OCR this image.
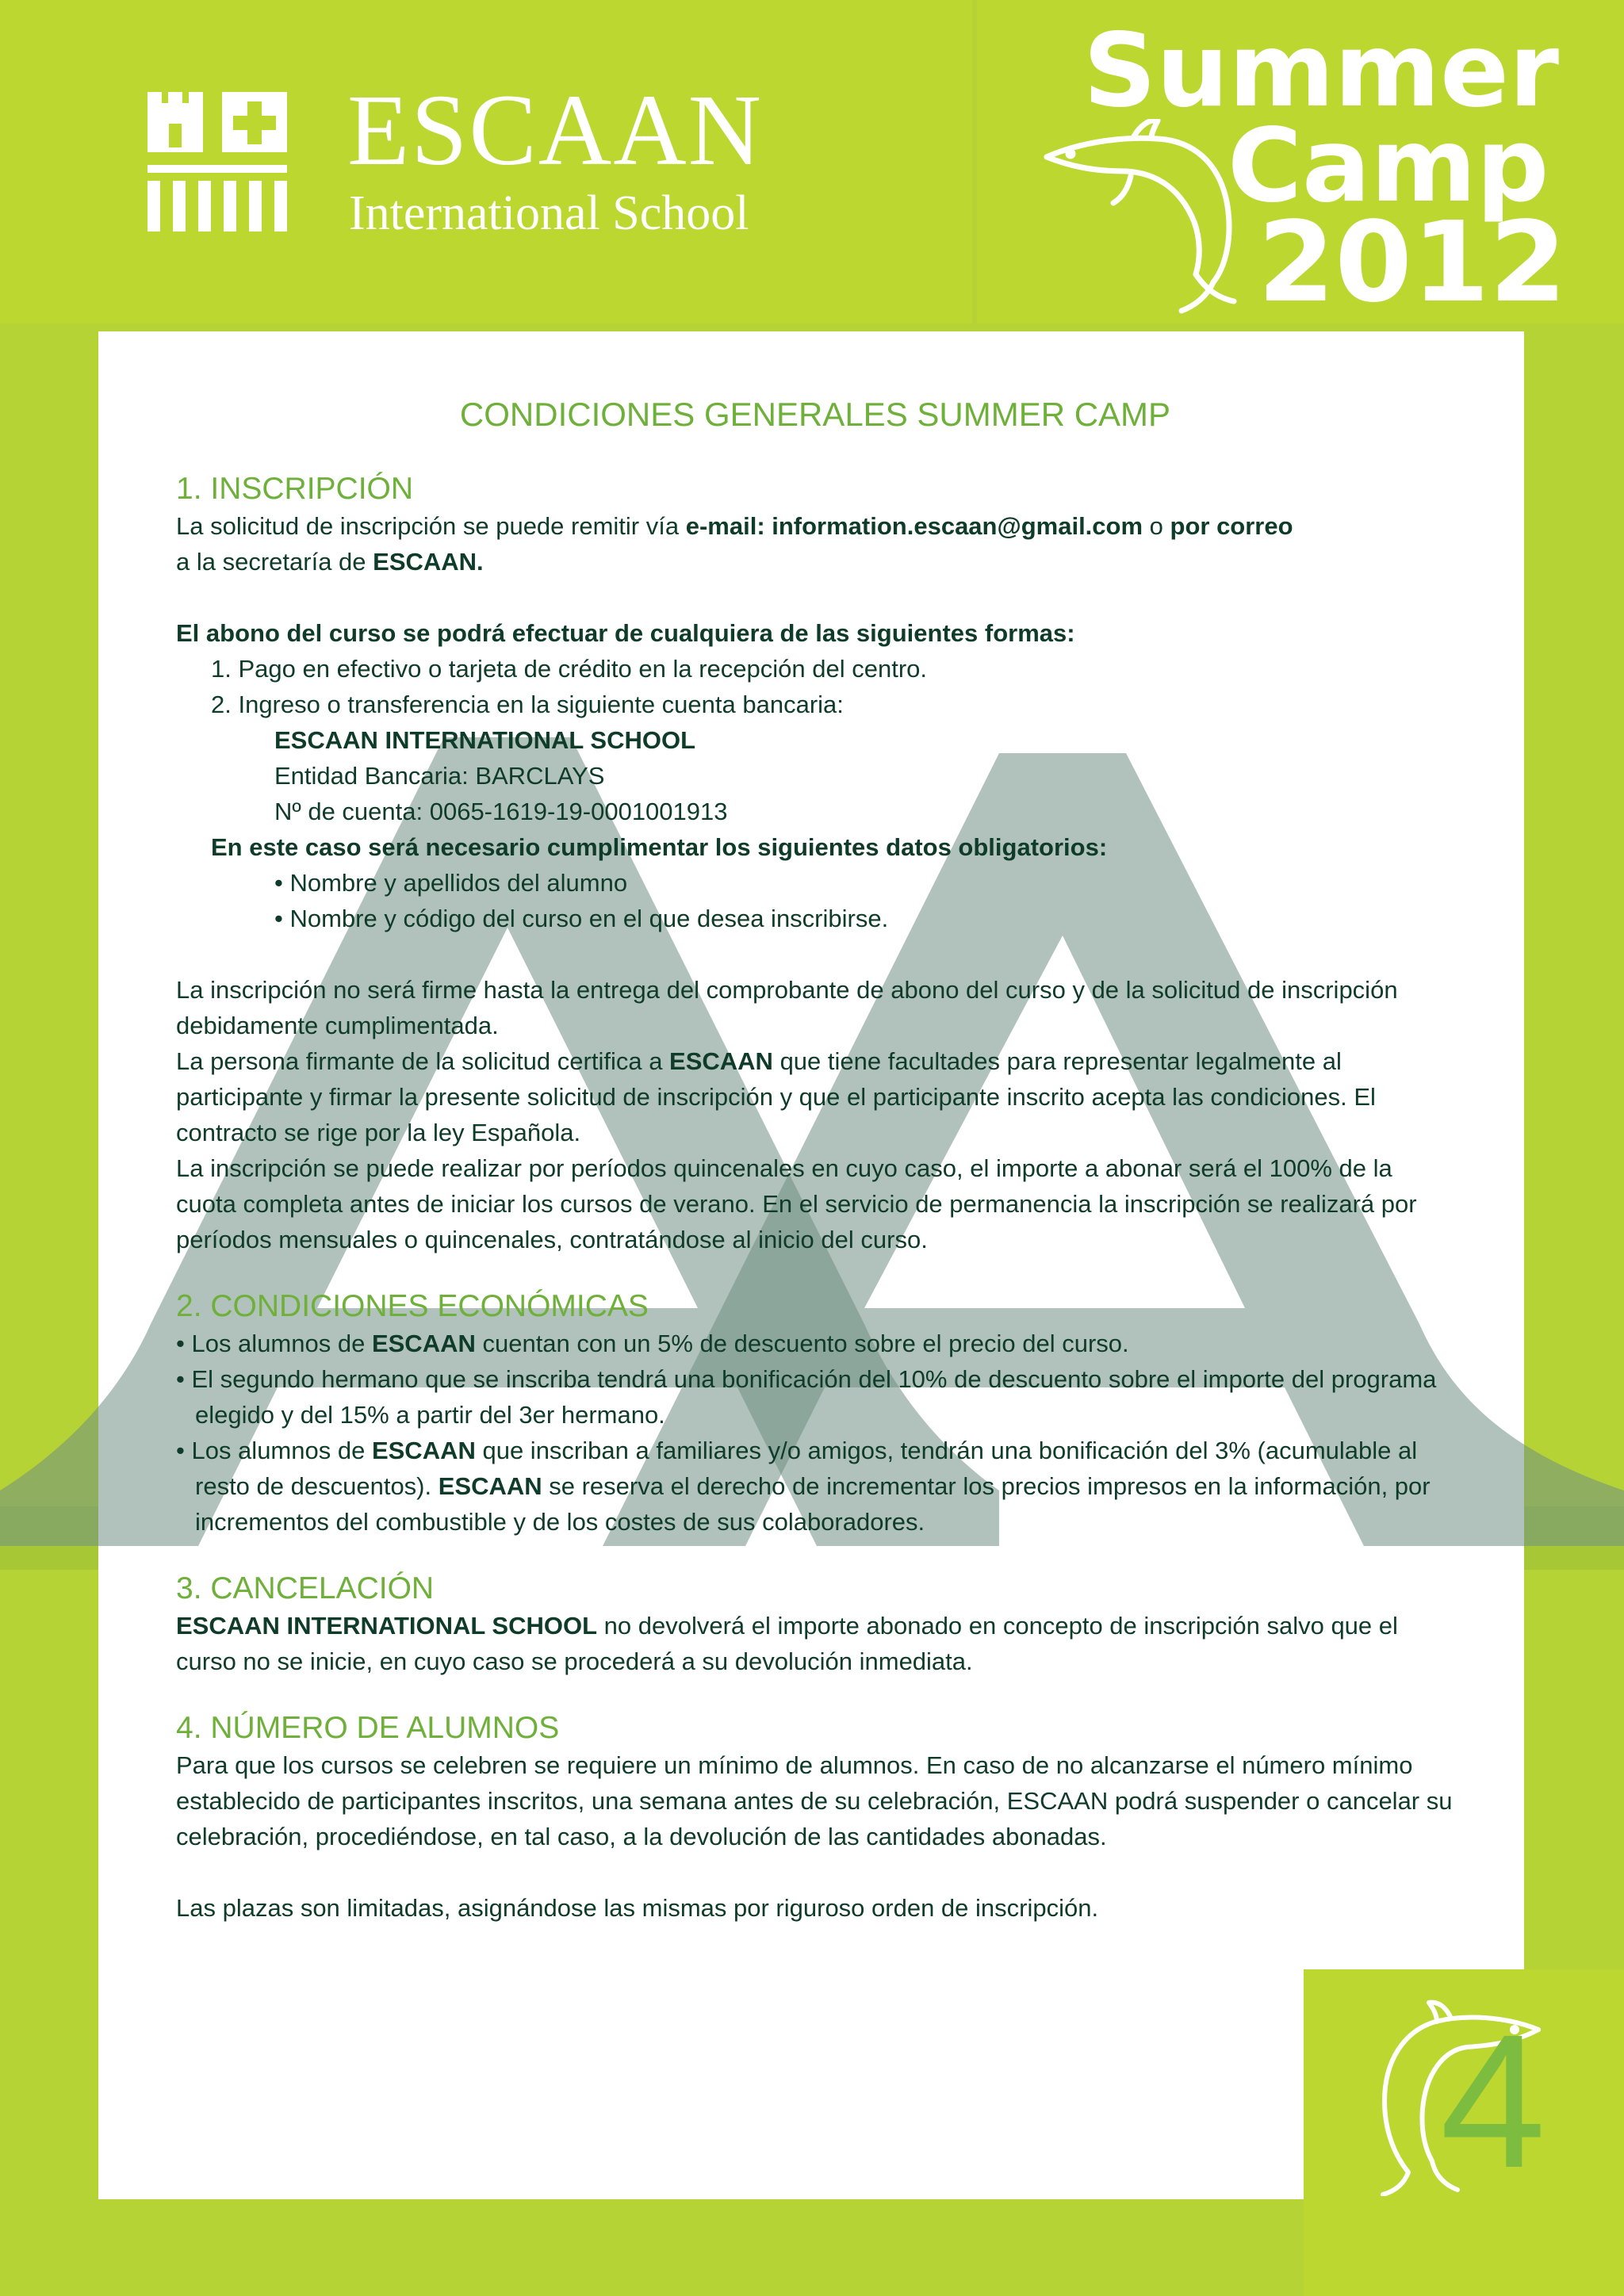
ESCAAN
International School
Summer
Camp
2012
CONDICIONES GENERALES SUMMER CAMP
1. INSCRIPCIÓN

La solicitud de inscripción se puede remitir vía e-mail: information.escaan@gmail.com o por correo

a la secretaría de ESCAAN.

El abono del curso se podrá efectuar de cualquiera de las siguientes formas:

1. Pago en efectivo o tarjeta de crédito en la recepción del centro.

2. Ingreso o transferencia en la siguiente cuenta bancaria:

ESCAAN INTERNATIONAL SCHOOL

Entidad Bancaria: BARCLAYS

Nº de cuenta: 0065-1619-19-0001001913

En este caso será necesario cumplimentar los siguientes datos obligatorios:

• Nombre y apellidos del alumno

• Nombre y código del curso en el que desea inscribirse.

La inscripción no será firme hasta la entrega del comprobante de abono del curso y de la solicitud de inscripción debidamente cumplimentada.

La persona firmante de la solicitud certifica a ESCAAN que tiene facultades para representar legalmente al participante y firmar la presente solicitud de inscripción y que el participante inscrito acepta las condiciones. El contracto se rige por la ley Española.

La inscripción se puede realizar por períodos quincenales en cuyo caso, el importe a abonar será el 100% de la cuota completa antes de iniciar los cursos de verano. En el servicio de permanencia la inscripción se realizará por períodos mensuales o quincenales, contratándose al inicio del curso.

2. CONDICIONES ECONÓMICAS

• Los alumnos de ESCAAN cuentan con un 5% de descuento sobre el precio del curso.

• El segundo hermano que se inscriba tendrá una bonificación del 10% de descuento sobre el importe del programa elegido y del 15% a partir del 3er hermano.

• Los alumnos de ESCAAN que inscriban a familiares y/o amigos, tendrán una bonificación del 3% (acumulable al resto de descuentos). ESCAAN se reserva el derecho de incrementar los precios impresos en la información, por incrementos del combustible y de los costes de sus colaboradores.

3. CANCELACIÓN

ESCAAN INTERNATIONAL SCHOOL no devolverá el importe abonado en concepto de inscripción salvo que el curso no se inicie, en cuyo caso se procederá a su devolución inmediata.

4. NÚMERO DE ALUMNOS

Para que los cursos se celebren se requiere un mínimo de alumnos. En caso de no alcanzarse el número mínimo establecido de participantes inscritos, una semana antes de su celebración, ESCAAN podrá suspender o cancelar su celebración, procediéndose, en tal caso, a la devolución de las cantidades abonadas.

Las plazas son limitadas, asignándose las mismas por riguroso orden de inscripción.

4
